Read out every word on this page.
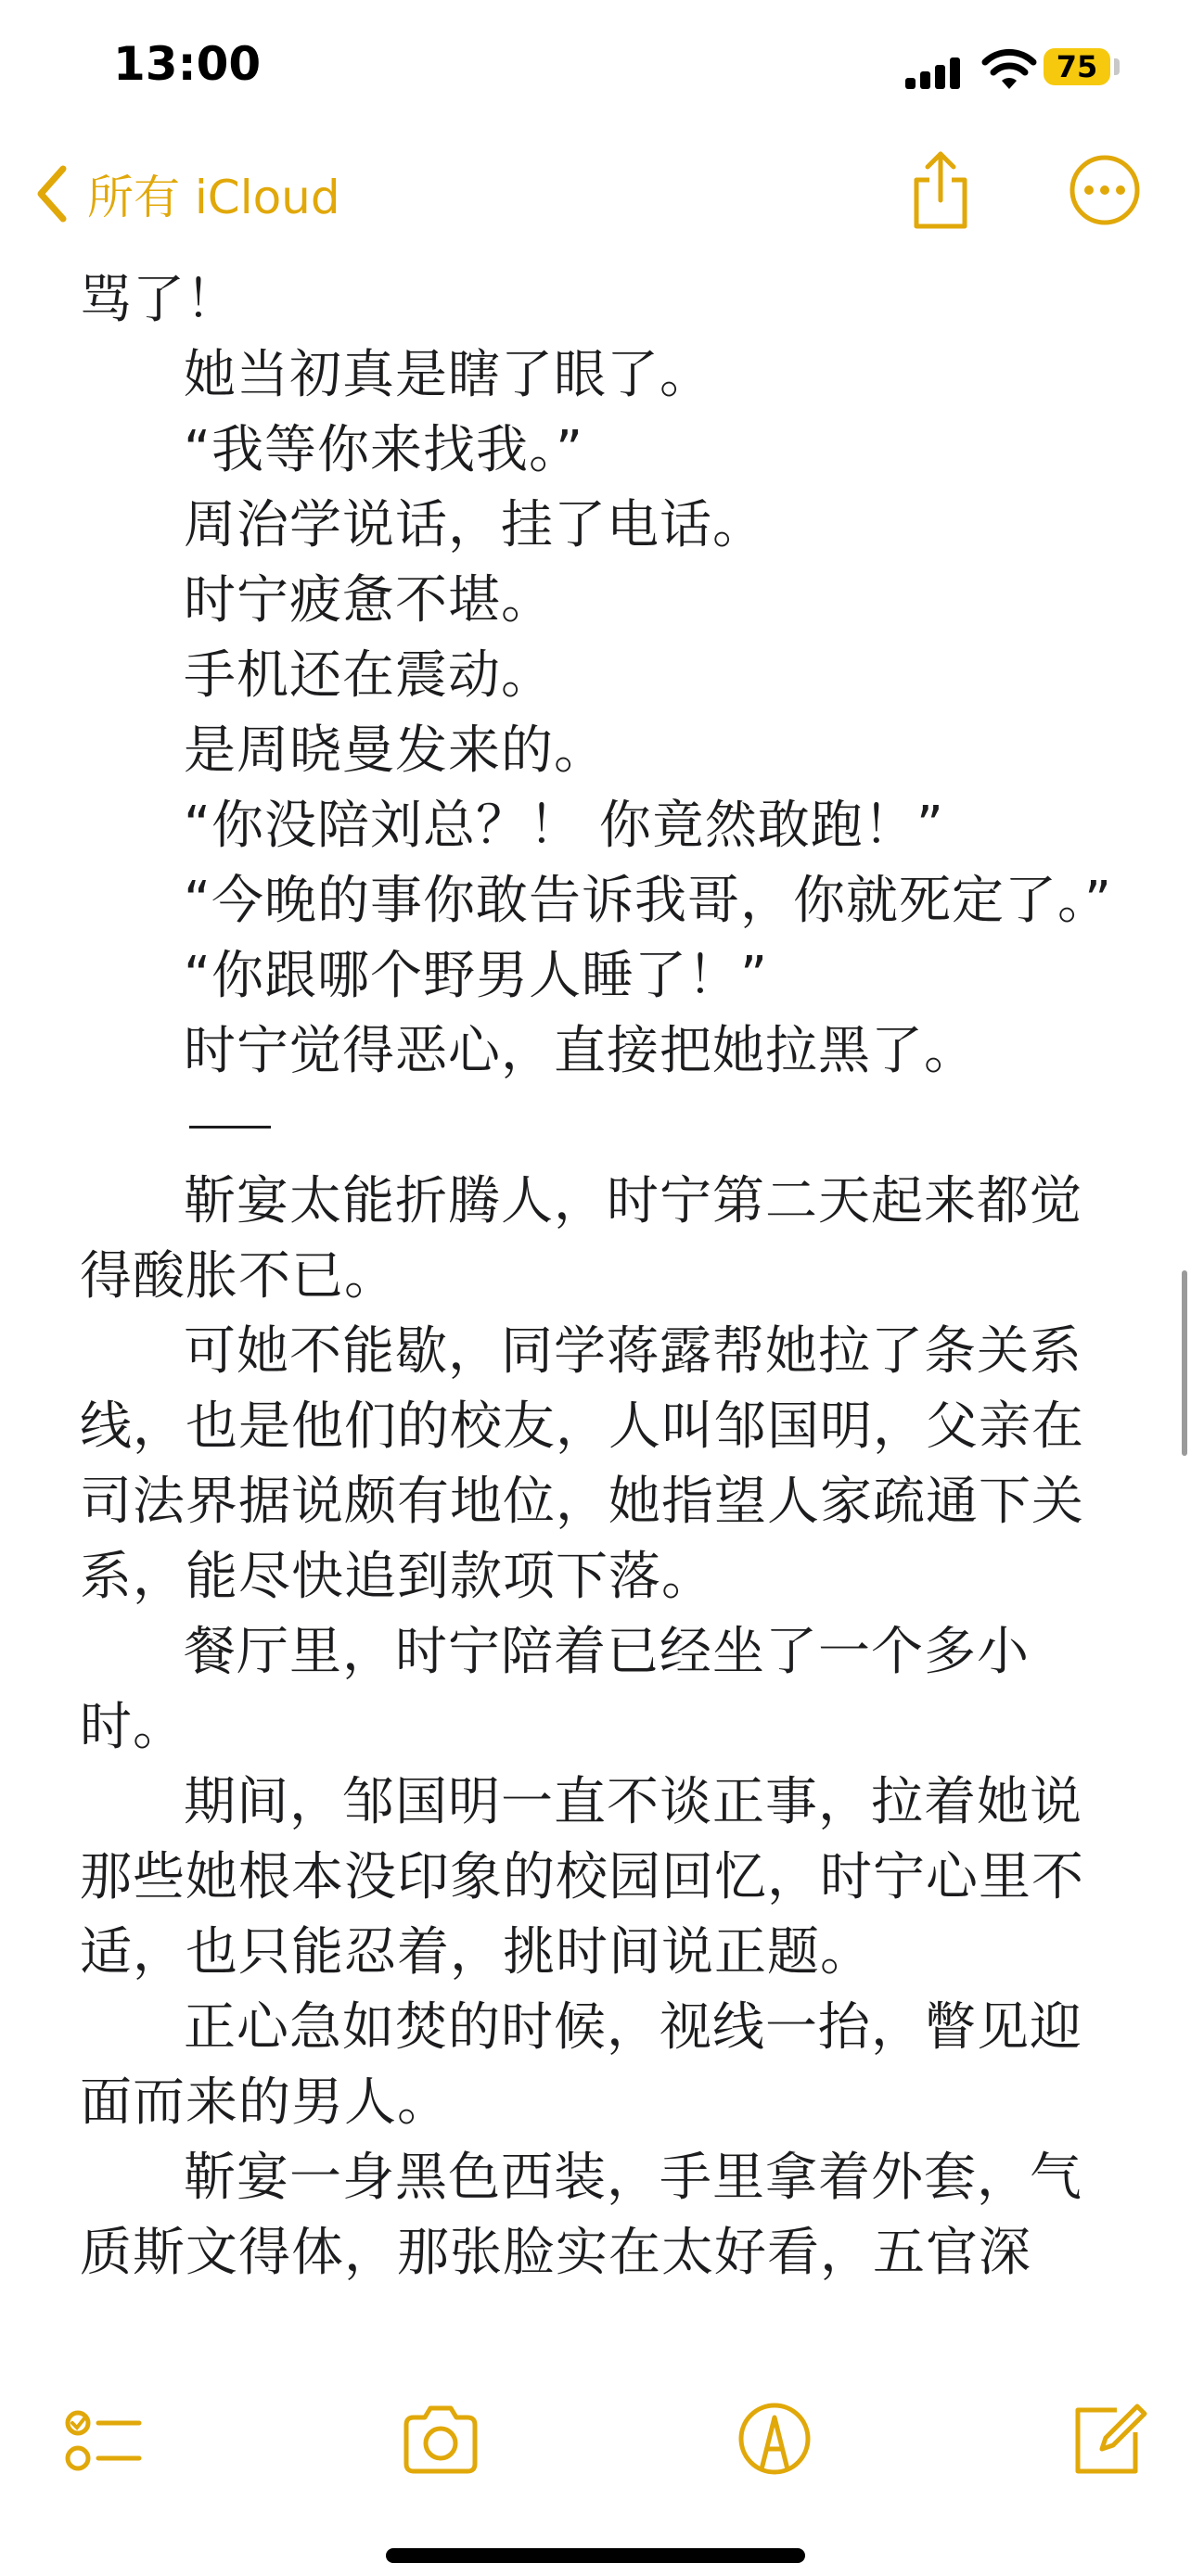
13:00	75
所有 iCloud

骂了！

她当初真是瞎了眼了。

“我等你来找我。”

周治学说话，挂了电话。

时宁疲惫不堪。

手机还在震动。

是周晓曼发来的。

“你没陪刘总？！ 你竟然敢跑！”

“今晚的事你敢告诉我哥，你就死定了。”

“你跟哪个野男人睡了！”

时宁觉得恶心，直接把她拉黑了。

靳宴太能折腾人，时宁第二天起来都觉得酸胀不已。

可她不能歇，同学蒋露帮她拉了条关系线，也是他们的校友，人叫邹国明，父亲在司法界据说颇有地位，她指望人家疏通下关系，能尽快追到款项下落。

餐厅里，时宁陪着已经坐了一个多小时。

期间，邹国明一直不谈正事，拉着她说那些她根本没印象的校园回忆，时宁心里不适，也只能忍着，挑时间说正题。

正心急如焚的时候，视线一抬，瞥见迎面而来的男人。

靳宴一身黑色西装，手里拿着外套，气质斯文得体，那张脸实在太好看，五官深
